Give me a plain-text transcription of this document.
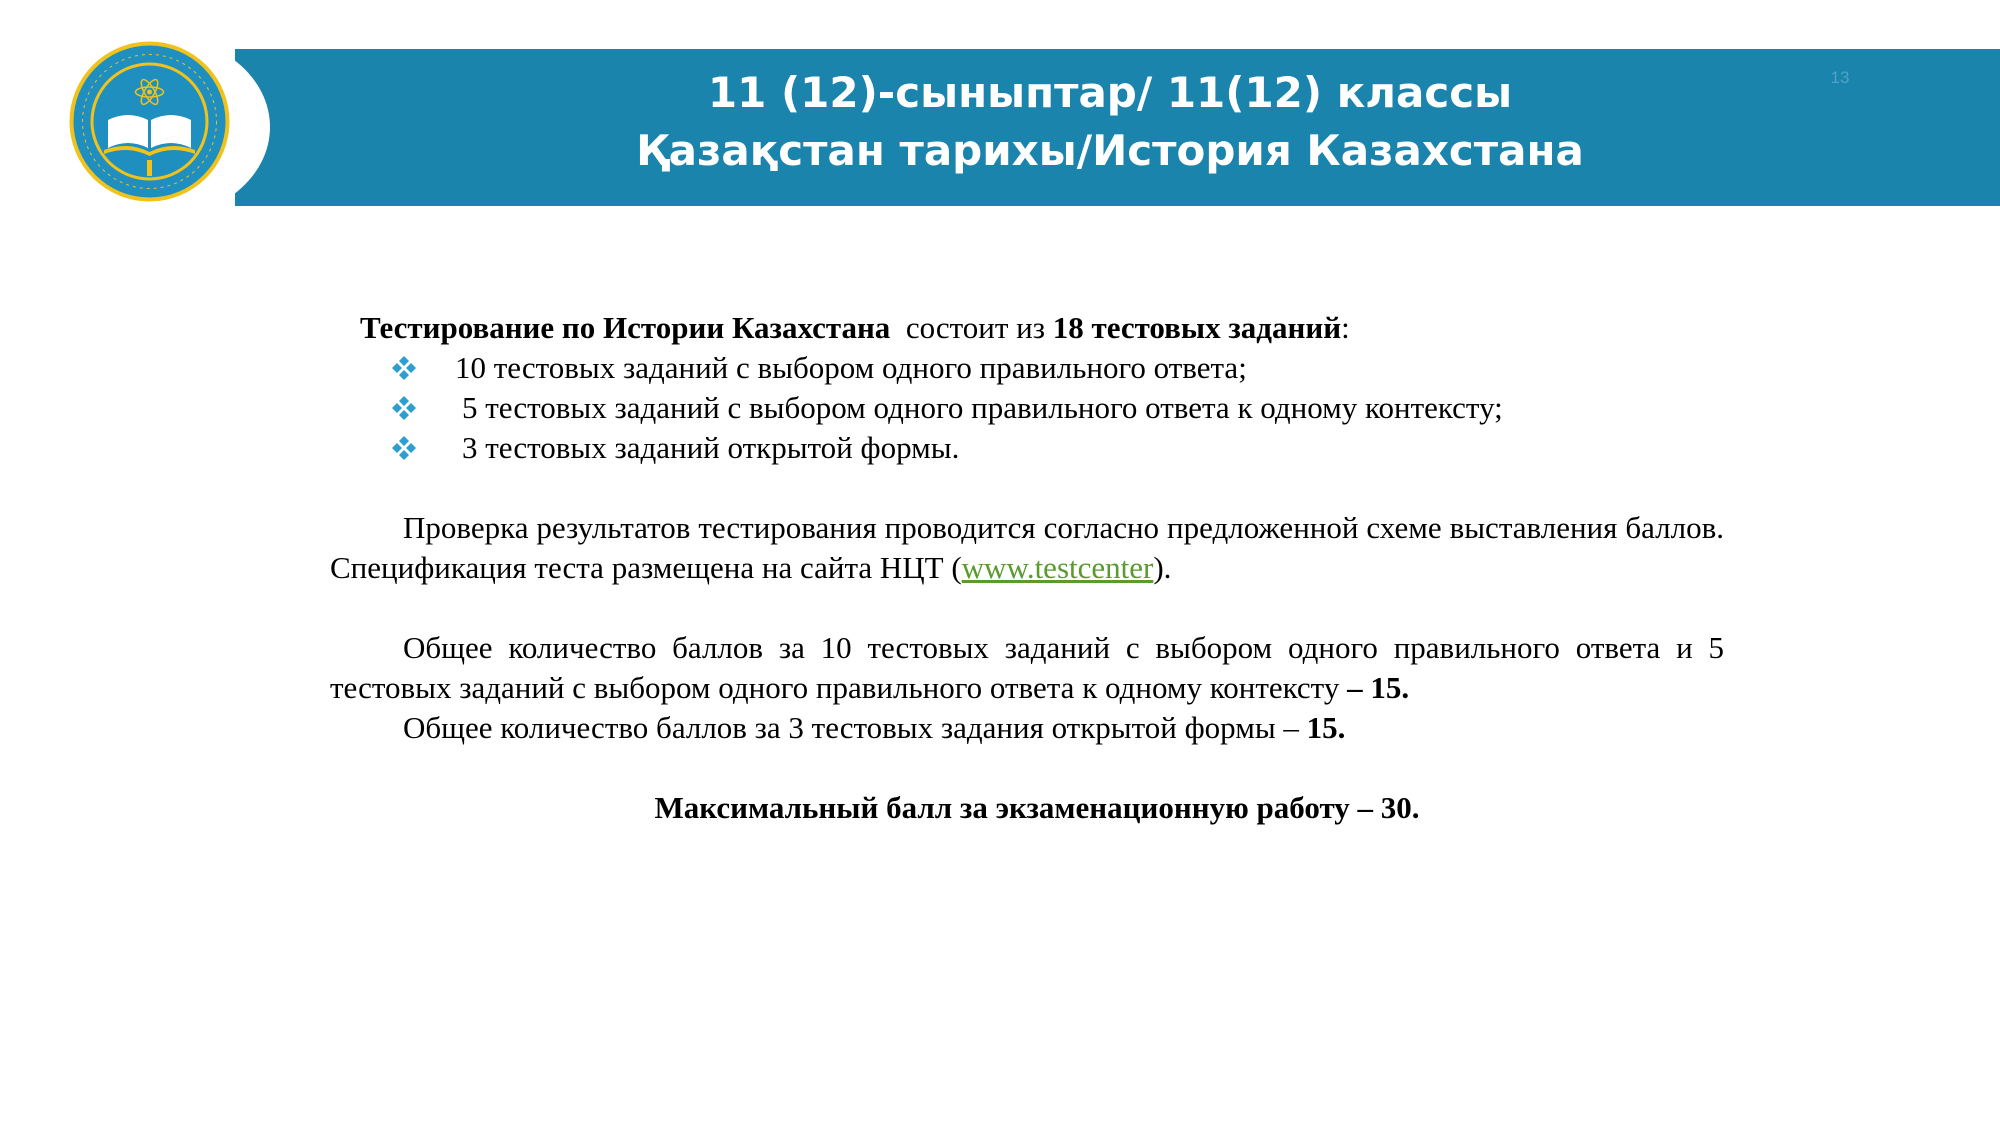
11 (12)-сыныптар/ 11(12) классы
Қазақстан тарихы/История Казахстана
13

Тестирование по Истории Казахстана  состоит из 18 тестовых заданий:

10 тестовых заданий с выбором одного правильного ответа;
5 тестовых заданий с выбором одного правильного ответа к одному контексту;
3 тестовых заданий открытой формы.

Проверка результатов тестирования проводится согласно предложенной схеме выставления баллов. Спецификация теста размещена на сайта НЦТ (www.testcenter).

Общее количество баллов за 10 тестовых заданий с выбором одного правильного ответа и 5 тестовых заданий с выбором одного правильного ответа к одному контексту – 15.

Общее количество баллов за 3 тестовых задания открытой формы – 15.

Максимальный балл за экзаменационную работу – 30.
